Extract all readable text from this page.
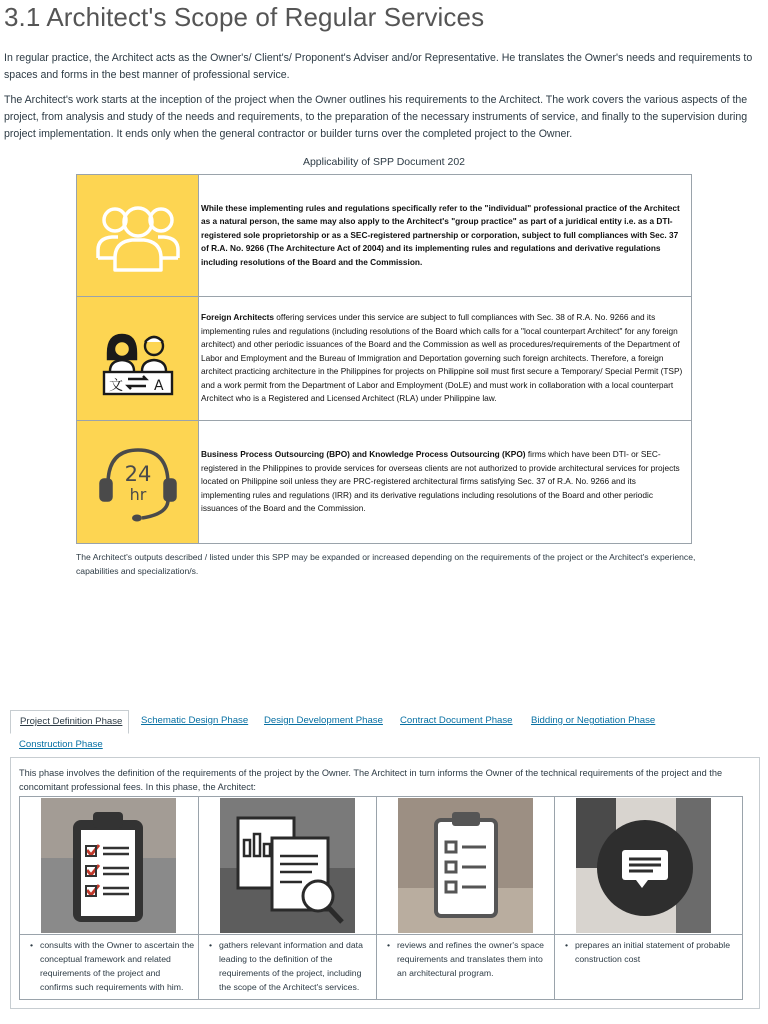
3.1 Architect's Scope of Regular Services

In regular practice, the Architect acts as the Owner's/ Client's/ Proponent's Adviser and/or Representative. He translates the Owner's needs and requirements to spaces and forms in the best manner of professional service.

The Architect's work starts at the inception of the project when the Owner outlines his requirements to the Architect. The work covers the various aspects of the project, from analysis and study of the needs and requirements, to the preparation of the necessary instruments of service, and finally to the supervision during project implementation. It ends only when the general contractor or builder turns over the completed project to the Owner.

Applicability of SPP Document 202
While these implementing rules and regulations specifically refer to the "individual" professional practice of the Architect as a natural person, the same may also apply to the Architect's "group practice" as part of a juridical entity i.e. as a DTI-registered sole proprietorship or as a SEC-registered partnership or corporation, subject to full compliances with Sec. 37 of R.A. No. 9266 (The Architecture Act of 2004) and its implementing rules and regulations and derivative regulations including resolutions of the Board and the Commission.
文 A
Foreign Architects offering services under this service are subject to full compliances with Sec. 38 of R.A. No. 9266 and its implementing rules and regulations (including resolutions of the Board which calls for a "local counterpart Architect" for any foreign architect) and other periodic issuances of the Board and the Commission as well as procedures/requirements of the Department of Labor and Employment and the Bureau of Immigration and Deportation governing such foreign architects. Therefore, a foreign architect practicing architecture in the Philippines for projects on Philippine soil must first secure a Temporary/ Special Permit (TSP) and a work permit from the Department of Labor and Employment (DoLE) and must work in collaboration with a local counterpart Architect who is a Registered and Licensed Architect (RLA) under Philippine law.
24
hr
Business Process Outsourcing (BPO) and Knowledge Process Outsourcing (KPO) firms which have been DTI- or SEC-registered in the Philippines to provide services for overseas clients are not authorized to provide architectural services for projects located on Philippine soil unless they are PRC-registered architectural firms satisfying Sec. 37 of R.A. No. 9266 and its implementing rules and regulations (IRR) and its derivative regulations including resolutions of the Board and other periodic issuances of the Board and the Commission.

The Architect's outputs described / listed under this SPP may be expanded or increased depending on the requirements of the project or the Architect's experience, capabilities and specialization/s.

Project Definition Phase	Schematic Design Phase Design Development Phase Contract Document Phase Bidding or Negotiation Phase
Construction Phase

This phase involves the definition of the requirements of the project by the Owner. The Architect in turn informs the Owner of the technical requirements of the project and the concomitant professional fees. In this phase, the Architect:

• consults with the Owner to ascertain the conceptual framework and related requirements of the project and confirms such requirements with him.
• gathers relevant information and data leading to the definition of the requirements of the project, including the scope of the Architect's services.
• reviews and refines the owner's space requirements and translates them into an architectural program.
• prepares an initial statement of probable construction cost
